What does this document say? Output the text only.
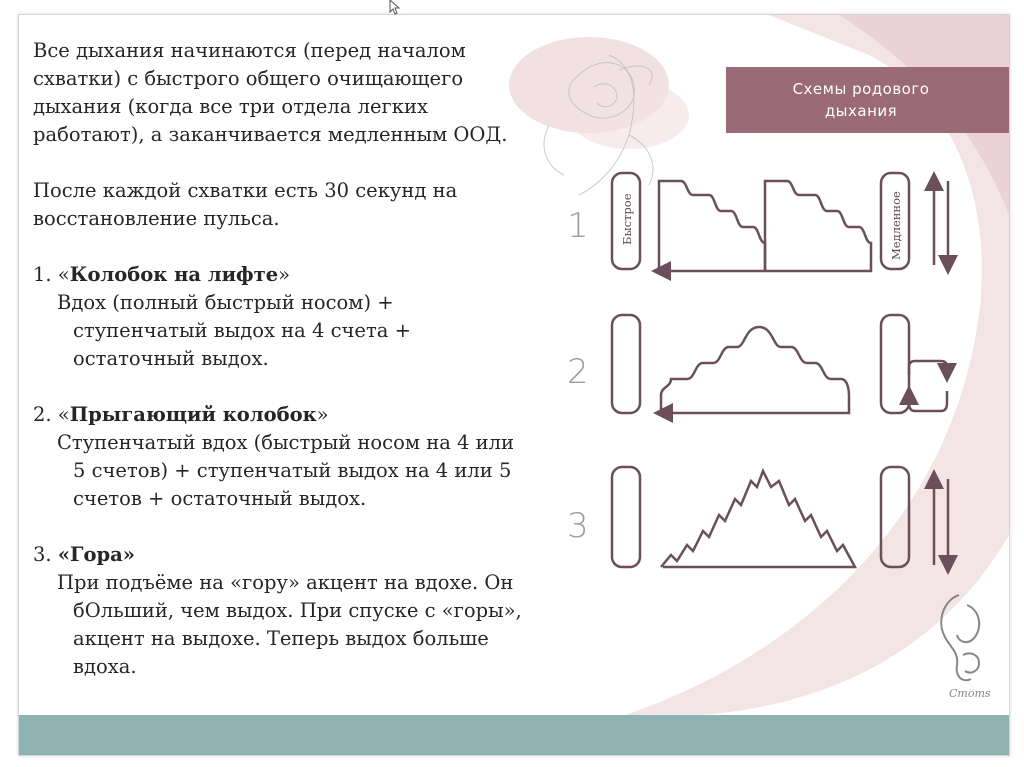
Все дыхания начинаются (перед началом схватки) с быстрого общего очищающего дыхания (когда все три отдела легких работают), а заканчивается медленным ООД.

После каждой схватки есть 30 секунд на восстановление пульса.

1. «Колобок на лифте»

Вдох (полный быстрый носом) + ступенчатый выдох на 4 счета + остаточный выдох.

2. «Прыгающий колобок»

Ступенчатый вдох (быстрый носом на 4 или 5 счетов) + ступенчатый выдох на 4 или 5 счетов + остаточный выдох.

3. «Гора»

При подъёме на «гору» акцент на вдохе. Он бОльший, чем выдох. При спуске с «горы», акцент на выдохе. Теперь выдох больше вдоха.

Схемы родового
дыхания
1	Быстрое	Медленное
2
3
Cmoms
